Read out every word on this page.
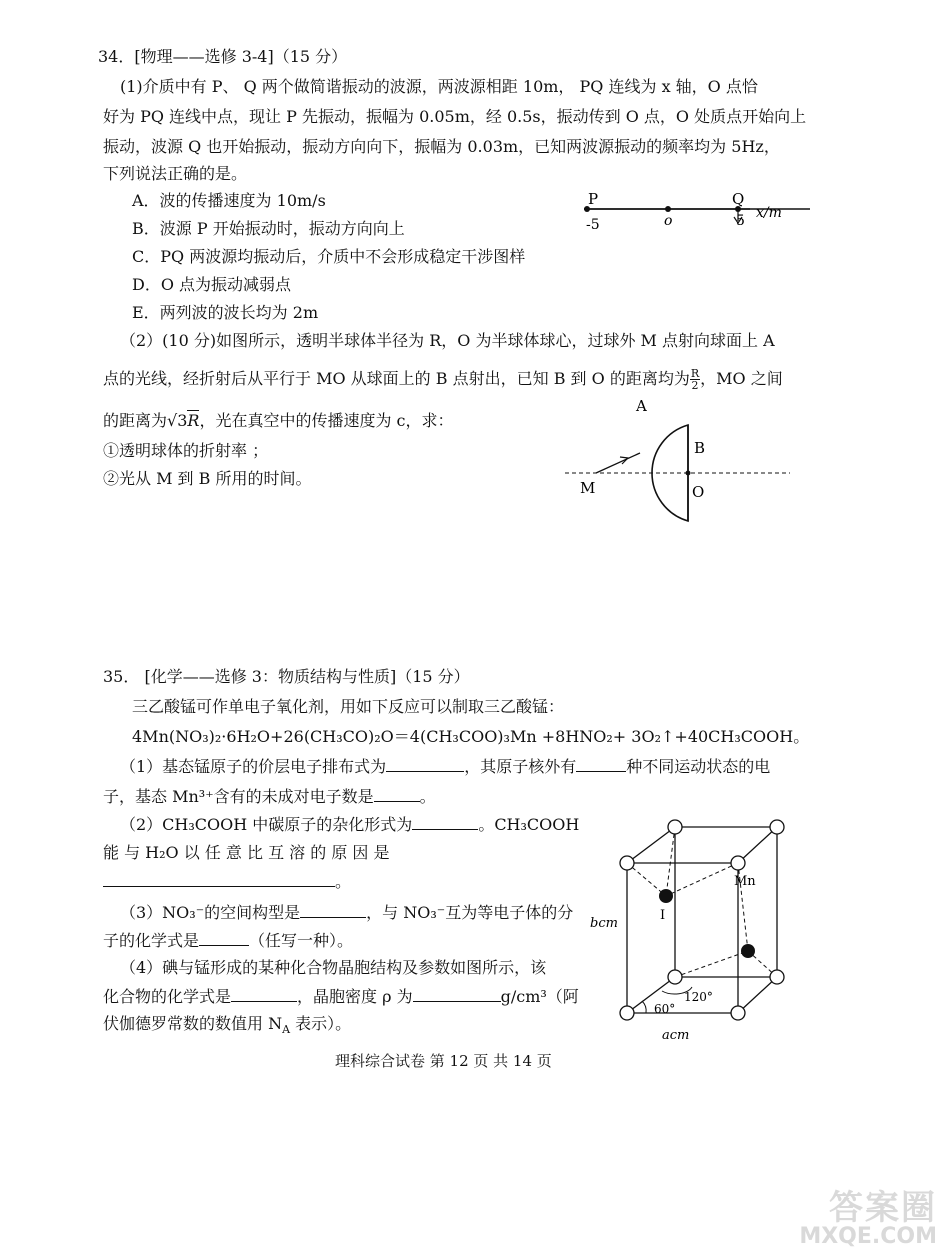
34．[物理——选修 3-4]（15 分）
(1)介质中有 P、 Q 两个做简谐振动的波源，两波源相距 10m， PQ 连线为 x 轴，O 点恰
好为 PQ 连线中点，现让 P 先振动，振幅为 0.05m，经 0.5s，振动传到 O 点，O 处质点开始向上
振动，波源 Q 也开始振动，振动方向向下，振幅为 0.03m，已知两波源振动的频率均为 5Hz，
下列说法正确的是。
A．波的传播速度为 10m/s
B．波源 P 开始振动时，振动方向向上
C．PQ 两波源均振动后，介质中不会形成稳定干涉图样
D．O 点为振动减弱点
E．两列波的波长均为 2m
P	Q
o
-5	5 x/m
（2）(10 分)如图所示，透明半球体半径为 R，O 为半球体球心，过球外 M 点射向球面上 A
点的光线，经折射后从平行于 MO 从球面上的 B 点射出，已知 B 到 O 的距离均为 $\frac{R}{2}$ ，MO 之间
的距离为√3R，光在真空中的传播速度为 c，求：
①透明球体的折射率 ；
②光从 M 到 B 所用的时间。
A
B
M	O
35． [化学——选修 3：物质结构与性质]（15 分）
三乙酸锰可作单电子氧化剂，用如下反应可以制取三乙酸锰：
4Mn(NO₃)₂·6H₂O+26(CH₃CO)₂O＝4(CH₃COO)₃Mn +8HNO₂+ 3O₂↑+40CH₃COOH。
（1）基态锰原子的价层电子排布式为	，其原子核外有	种不同运动状态的电
子，基态 Mn³⁺含有的未成对电子数是	。
（2）CH₃COOH 中碳原子的杂化形式为	。CH₃COOH
能 与 H₂O 以 任 意 比 互 溶 的 原 因 是
。
（3）NO₃⁻的空间构型是	，与 NO₃⁻互为等电子体的分
子的化学式是	（任写一种）。
（4）碘与锰形成的某种化合物晶胞结构及参数如图所示，该
化合物的化学式是	，晶胞密度 ρ 为	g/cm³（阿
伏伽德罗常数的数值用 $N_A$ 表示）。
Mn
I
bcm
acm
120°
60°
理科综合试卷 第 12 页 共 14 页
答案圈
MXQE.COM
